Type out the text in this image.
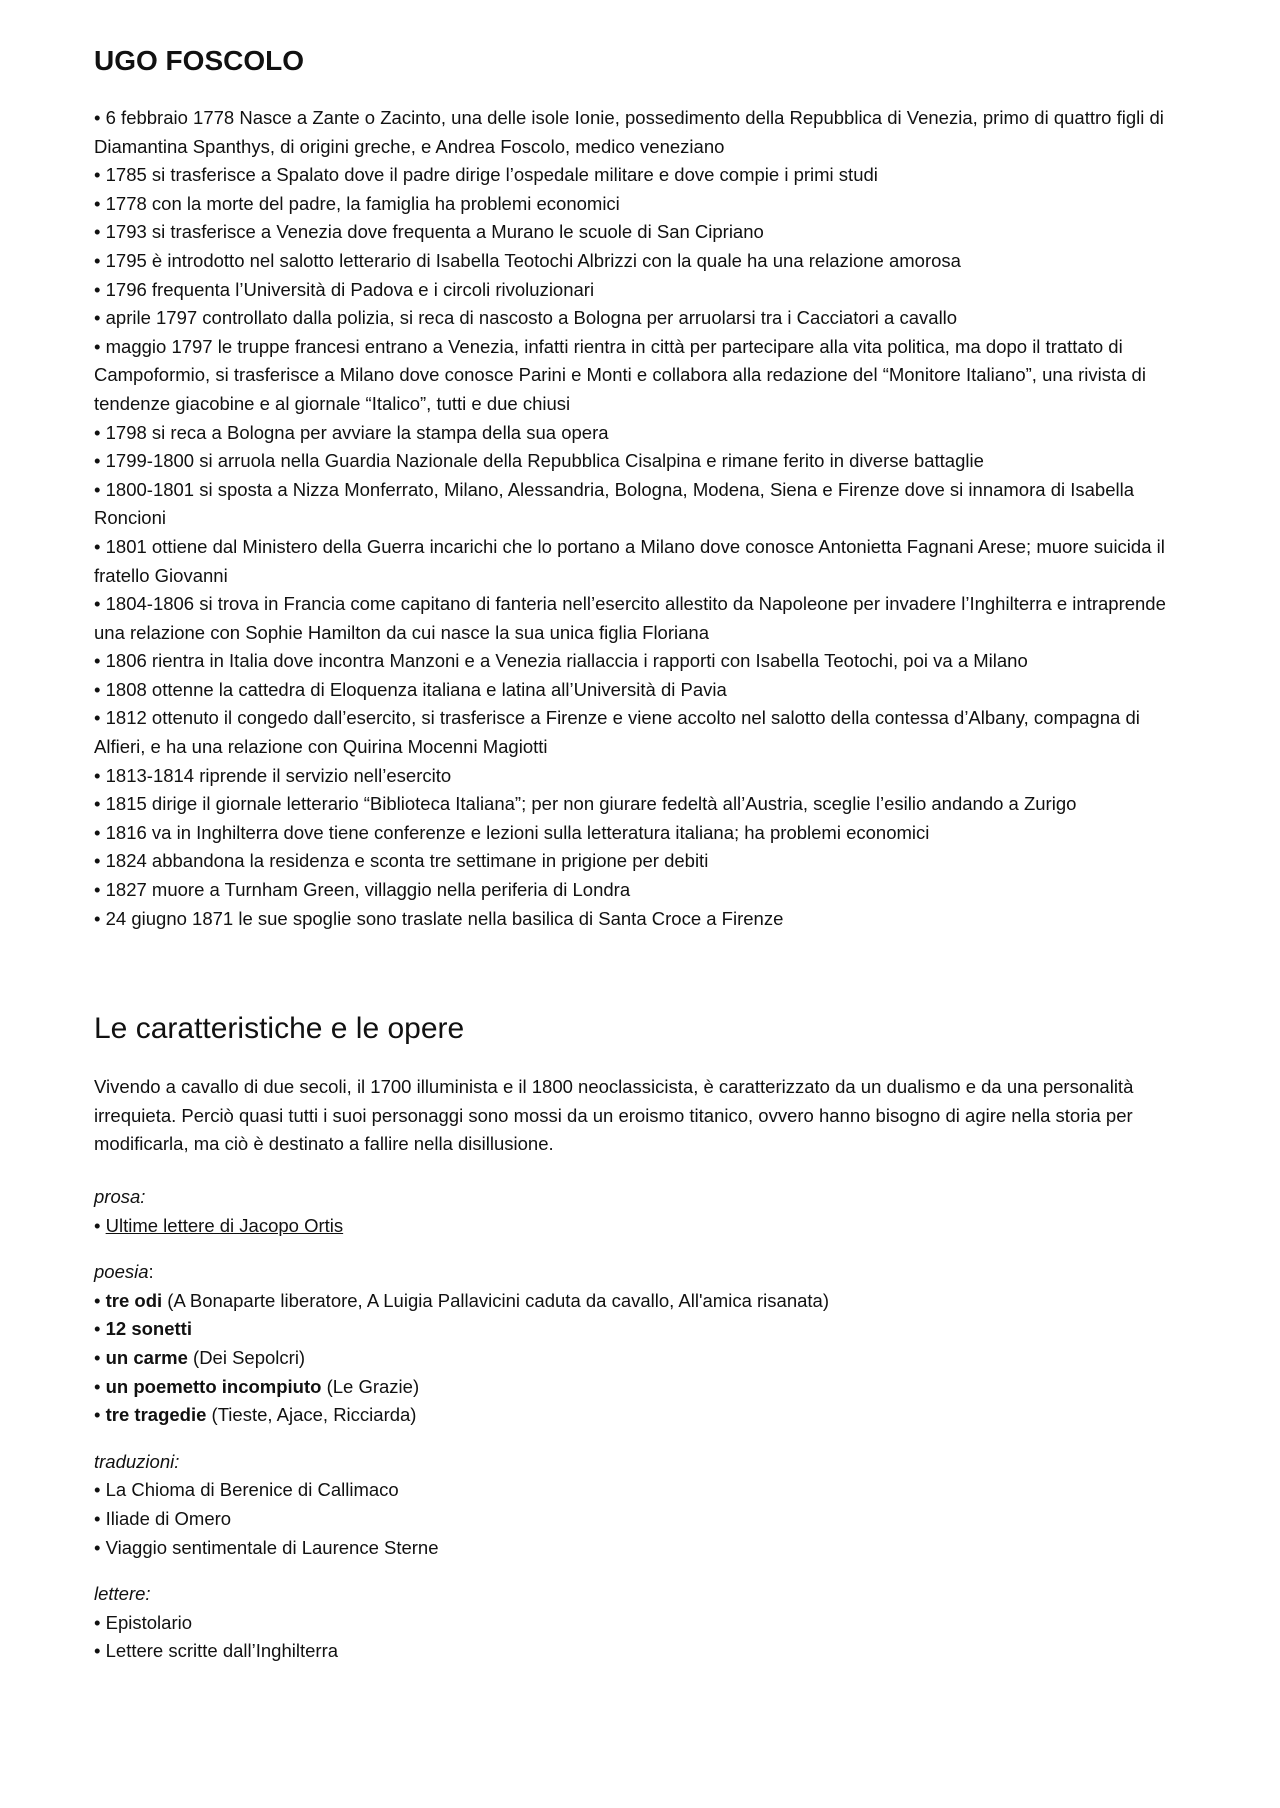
UGO FOSCOLO
• 6 febbraio 1778 Nasce a Zante o Zacinto, una delle isole Ionie, possedimento della Repubblica di Venezia, primo di quattro figli di Diamantina Spanthys, di origini greche, e Andrea Foscolo, medico veneziano
• 1785 si trasferisce a Spalato dove il padre dirige l’ospedale militare e dove compie i primi studi
• 1778 con la morte del padre, la famiglia ha problemi economici
• 1793 si trasferisce a Venezia dove frequenta a Murano le scuole di San Cipriano
• 1795 è introdotto nel salotto letterario di Isabella Teotochi Albrizzi con la quale ha una relazione amorosa
• 1796 frequenta l’Università di Padova e i circoli rivoluzionari
• aprile 1797 controllato dalla polizia, si reca di nascosto a Bologna per arruolarsi tra i Cacciatori a cavallo
• maggio 1797 le truppe francesi entrano a Venezia, infatti rientra in città per partecipare alla vita politica, ma dopo il trattato di Campoformio, si trasferisce a Milano dove conosce Parini e Monti e collabora alla redazione del “Monitore Italiano”, una rivista di tendenze giacobine e al giornale “Italico”, tutti e due chiusi
• 1798 si reca a Bologna per avviare la stampa della sua opera
• 1799-1800 si arruola nella Guardia Nazionale della Repubblica Cisalpina e rimane ferito in diverse battaglie
• 1800-1801 si sposta a Nizza Monferrato, Milano, Alessandria, Bologna, Modena, Siena e Firenze dove si innamora di Isabella Roncioni
• 1801 ottiene dal Ministero della Guerra incarichi che lo portano a Milano dove conosce Antonietta Fagnani Arese; muore suicida il fratello Giovanni
• 1804-1806 si trova in Francia come capitano di fanteria nell’esercito allestito da Napoleone per invadere l’Inghilterra e intraprende una relazione con Sophie Hamilton da cui nasce la sua unica figlia Floriana
• 1806 rientra in Italia dove incontra Manzoni e a Venezia riallaccia i rapporti con Isabella Teotochi, poi va a Milano
• 1808 ottenne la cattedra di Eloquenza italiana e latina all’Università di Pavia
• 1812 ottenuto il congedo dall’esercito, si trasferisce a Firenze e viene accolto nel salotto della contessa d’Albany, compagna di Alfieri, e ha una relazione con Quirina Mocenni Magiotti
• 1813-1814 riprende il servizio nell’esercito
• 1815 dirige il giornale letterario “Biblioteca Italiana”; per non giurare fedeltà all’Austria, sceglie l’esilio andando a Zurigo
• 1816 va in Inghilterra dove tiene conferenze e lezioni sulla letteratura italiana; ha problemi economici
• 1824 abbandona la residenza e sconta tre settimane in prigione per debiti
• 1827 muore a Turnham Green, villaggio nella periferia di Londra
• 24 giugno 1871 le sue spoglie sono traslate nella basilica di Santa Croce a Firenze
Le caratteristiche e le opere

Vivendo a cavallo di due secoli, il 1700 illuminista e il 1800 neoclassicista, è caratterizzato da un dualismo e da una personalità irrequieta. Perciò quasi tutti i suoi personaggi sono mossi da un eroismo titanico, ovvero hanno bisogno di agire nella storia per modificarla, ma ciò è destinato a fallire nella disillusione.

prosa:
• Ultime lettere di Jacopo Ortis
poesia:
• tre odi (A Bonaparte liberatore, A Luigia Pallavicini caduta da cavallo, All'amica risanata)
• 12 sonetti
• un carme (Dei Sepolcri)
• un poemetto incompiuto (Le Grazie)
• tre tragedie (Tieste, Ajace, Ricciarda)
traduzioni:
• La Chioma di Berenice di Callimaco
• Iliade di Omero
• Viaggio sentimentale di Laurence Sterne
lettere:
• Epistolario
• Lettere scritte dall’Inghilterra
